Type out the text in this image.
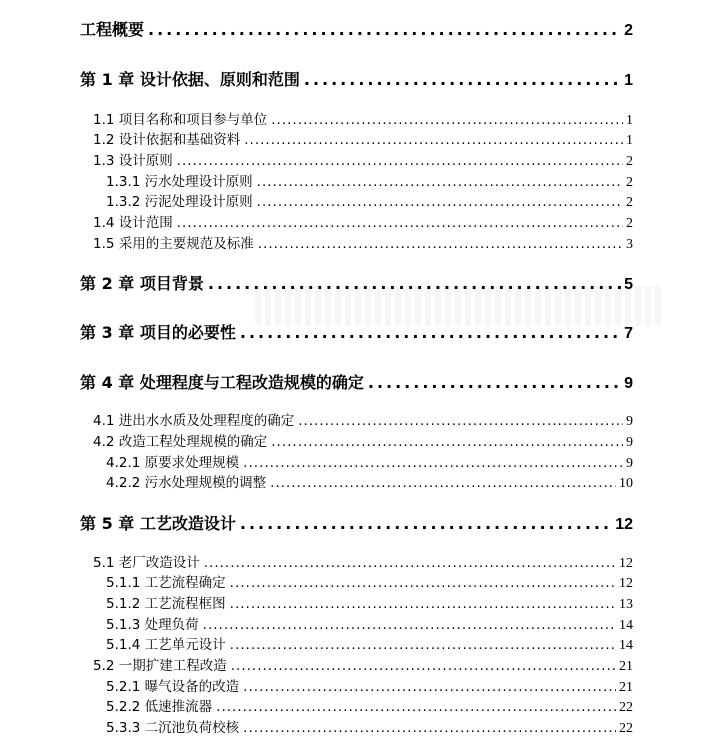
工程概要 .....	2
第 1 章 设计依据、原则和范围 .....	1
1.1 项目名称和项目参与单位 .....	1
1.2 设计依据和基础资料 .....	1
1.3 设计原则 .....	2
1.3.1 污水处理设计原则 .....	2
1.3.2 污泥处理设计原则 .....	2
1.4 设计范围 .....	2
1.5 采用的主要规范及标准 .....	3
第 2 章 项目背景 .....	5
第 3 章 项目的必要性 .....	7
第 4 章 处理程度与工程改造规模的确定 .....	9
4.1 进出水水质及处理程度的确定 .....	9
4.2 改造工程处理规模的确定 .....	9
4.2.1 原要求处理规模 .....	9
4.2.2 污水处理规模的调整 .....	10
第 5 章 工艺改造设计 .....	12
5.1 老厂改造设计 .....	12
5.1.1 工艺流程确定 .....	12
5.1.2 工艺流程框图 .....	13
5.1.3 处理负荷 .....	14
5.1.4 工艺单元设计 .....	14
5.2 一期扩建工程改造 .....	21
5.2.1 曝气设备的改造 .....	21
5.2.2 低速推流器 .....	22
5.3.3 二沉池负荷校核 .....	22
